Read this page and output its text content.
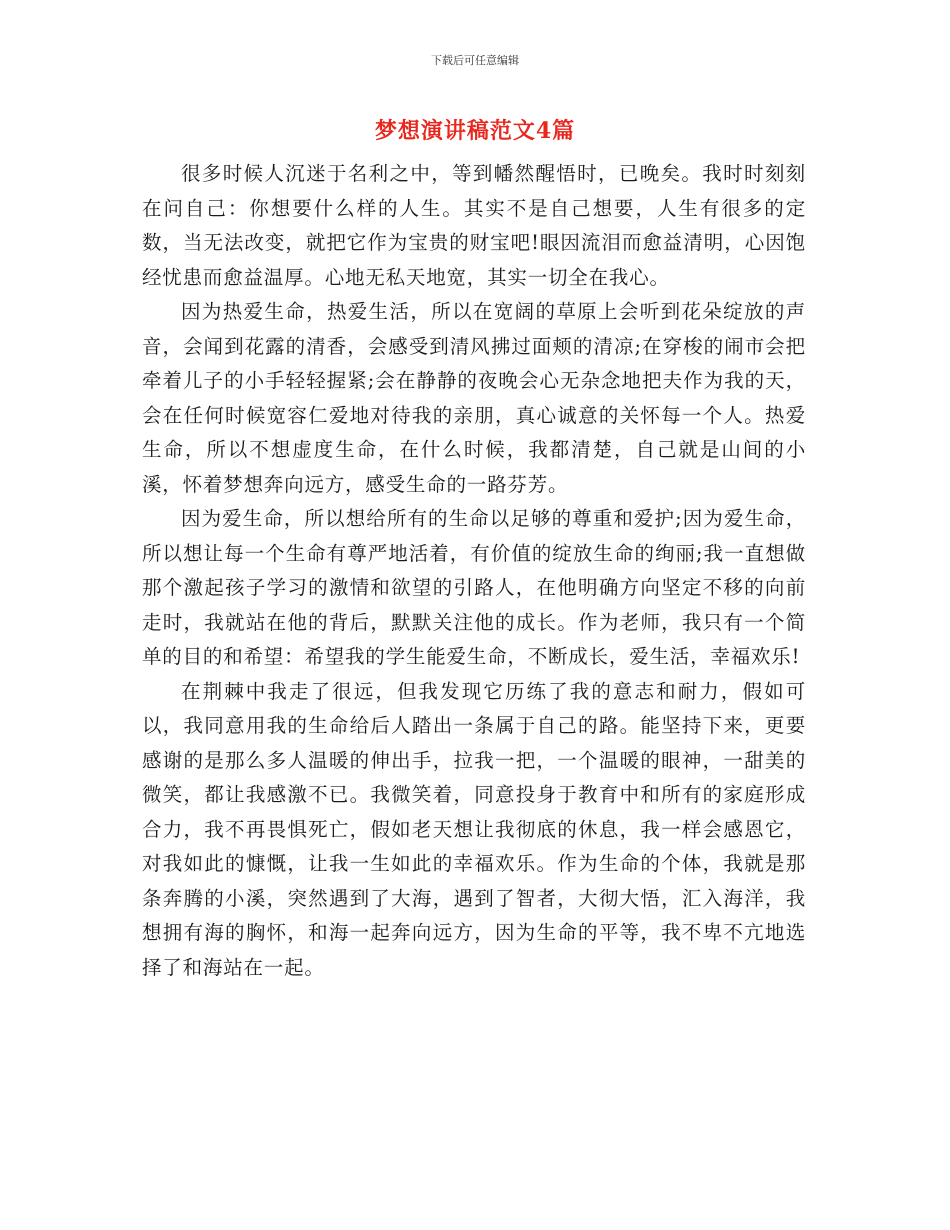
下载后可任意编辑
梦想演讲稿范文4篇

很多时候人沉迷于名利之中，等到幡然醒悟时，已晚矣。我时时刻刻在问自己：你想要什么样的人生。其实不是自己想要，人生有很多的定数，当无法改变，就把它作为宝贵的财宝吧!眼因流泪而愈益清明，心因饱经忧患而愈益温厚。心地无私天地宽，其实一切全在我心。

因为热爱生命，热爱生活，所以在宽阔的草原上会听到花朵绽放的声音，会闻到花露的清香，会感受到清风拂过面颊的清凉;在穿梭的闹市会把牵着儿子的小手轻轻握紧;会在静静的夜晚会心无杂念地把夫作为我的天，会在任何时候宽容仁爱地对待我的亲朋，真心诚意的关怀每一个人。热爱生命，所以不想虚度生命，在什么时候，我都清楚，自己就是山间的小溪，怀着梦想奔向远方，感受生命的一路芬芳。

因为爱生命，所以想给所有的生命以足够的尊重和爱护;因为爱生命，所以想让每一个生命有尊严地活着，有价值的绽放生命的绚丽;我一直想做那个激起孩子学习的激情和欲望的引路人，在他明确方向坚定不移的向前走时，我就站在他的背后，默默关注他的成长。作为老师，我只有一个简单的目的和希望：希望我的学生能爱生命，不断成长，爱生活，幸福欢乐!

在荆棘中我走了很远，但我发现它历练了我的意志和耐力，假如可以，我同意用我的生命给后人踏出一条属于自己的路。能坚持下来，更要感谢的是那么多人温暖的伸出手，拉我一把，一个温暖的眼神，一甜美的微笑，都让我感激不已。我微笑着，同意投身于教育中和所有的家庭形成合力，我不再畏惧死亡，假如老天想让我彻底的休息，我一样会感恩它，对我如此的慷慨，让我一生如此的幸福欢乐。作为生命的个体，我就是那条奔腾的小溪，突然遇到了大海，遇到了智者，大彻大悟，汇入海洋，我想拥有海的胸怀，和海一起奔向远方，因为生命的平等，我不卑不亢地选择了和海站在一起。
